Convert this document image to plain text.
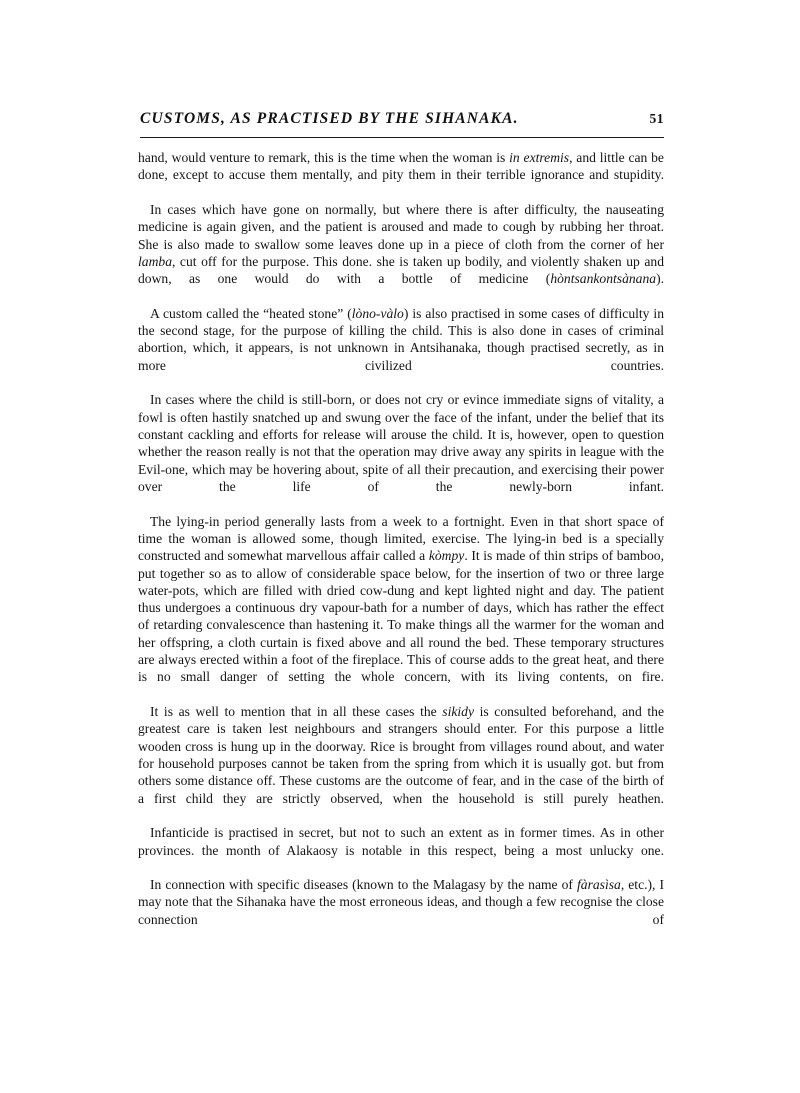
CUSTOMS, AS PRACTISED BY THE SIHANAKA.	51

hand, would venture to remark, this is the time when the woman is in extremis, and little can be done, except to accuse them mentally, and pity them in their terrible ignorance and stupidity.

In cases which have gone on normally, but where there is after difficulty, the nauseating medicine is again given, and the patient is aroused and made to cough by rubbing her throat. She is also made to swallow some leaves done up in a piece of cloth from the corner of her lamba, cut off for the purpose. This done. she is taken up bodily, and violently shaken up and down, as one would do with a bottle of medicine (hòntsankontsànana).

A custom called the “heated stone” (lòno-vàlo) is also practised in some cases of difficulty in the second stage, for the purpose of killing the child. This is also done in cases of criminal abortion, which, it appears, is not unknown in Antsihanaka, though practised secretly, as in more civilized countries.

In cases where the child is still-born, or does not cry or evince immediate signs of vitality, a fowl is often hastily snatched up and swung over the face of the infant, under the belief that its constant cackling and efforts for release will arouse the child. It is, however, open to question whether the reason really is not that the operation may drive away any spirits in league with the Evil-one, which may be hovering about, spite of all their precaution, and exercising their power over the life of the newly-born infant.

The lying-in period generally lasts from a week to a fortnight. Even in that short space of time the woman is allowed some, though limited, exercise. The lying-in bed is a specially constructed and somewhat marvellous affair called a kòmpy. It is made of thin strips of bamboo, put together so as to allow of considerable space below, for the insertion of two or three large water-pots, which are filled with dried cow-dung and kept lighted night and day. The patient thus undergoes a continuous dry vapour-bath for a number of days, which has rather the effect of retarding convalescence than hastening it. To make things all the warmer for the woman and her offspring, a cloth curtain is fixed above and all round the bed. These temporary structures are always erected within a foot of the fireplace. This of course adds to the great heat, and there is no small danger of setting the whole concern, with its living contents, on fire.

It is as well to mention that in all these cases the sikidy is consulted beforehand, and the greatest care is taken lest neighbours and strangers should enter. For this purpose a little wooden cross is hung up in the doorway. Rice is brought from villages round about, and water for household purposes cannot be taken from the spring from which it is usually got. but from others some distance off. These customs are the outcome of fear, and in the case of the birth of a first child they are strictly observed, when the household is still purely heathen.

Infanticide is practised in secret, but not to such an extent as in former times. As in other provinces. the month of Alakaosy is notable in this respect, being a most unlucky one.

In connection with specific diseases (known to the Malagasy by the name of fàrasìsa, etc.), I may note that the Sihanaka have the most erroneous ideas, and though a few recognise the close connection of
